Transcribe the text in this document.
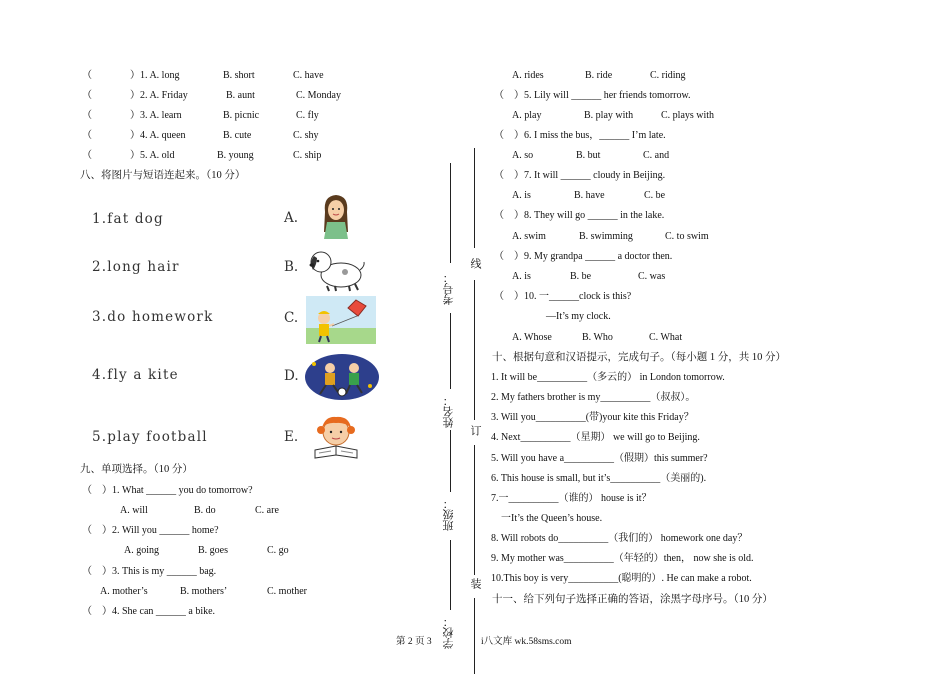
（	）1. A. long	B. short	C. have
（	）2. A. Friday	B. aunt	C. Monday
（	）3. A. learn	B. picnic	C. fly
（	）4. A. queen	B. cute	C. shy
（	）5. A. old	B. young	C. ship
八、将图片与短语连起来。（10 分）
1.fat dog
2.long hair
3.do homework
4.fly a kite
5.play football
A.
B.
C.
D.
E.
九、单项选择。（10 分）
（　）1. What ______ you do tomorrow?
A. will	B. do	C. are
（　）2. Will you ______ home?
A. going	B. goes	C. go
（　）3. This is my ______ bag.
A. mother’s	B. mothers’	C. mother
（　）4. She can ______ a bike.
线
订
装
考号：
姓名：
班级：
学校：
A. rides	B. ride	C. riding
（　）5. Lily will ______ her friends tomorrow.
A. play	B. play with	C. plays with
（　）6. I miss the bus，______ I’m late.
A. so	B. but	C. and
（　）7. It will ______ cloudy in Beijing.
A. is	B. have	C. be
（　）8. They will go ______ in the lake.
A. swim	B. swimming	C. to swim
（　）9. My grandpa ______ a doctor then.
A. is	B. be	C. was
（　）10. 一______clock is this?
—It’s my clock.
A. Whose	B. Who	C. What
十、根据句意和汉语提示，完成句子。（每小题 1 分，共 10 分）
1. It will be__________（多云的） in London tomorrow.
2. My fathers brother is my__________（叔叔）。
3. Will you__________(带)your kite this Friday？
4. Next__________（星期） we will go to Beijing.
5. Will you have a__________（假期）this summer?
6. This house is small, but it’s__________（美丽的).
7.一__________（谁的） house is it？
　一It’s the Queen’s house.
8. Will robots do__________（我们的） homework one day？
9. My mother was__________（年轻的）then， now she is old.
10.This boy is very__________(聪明的）. He can make a robot.
十一、给下列句子选择正确的答语，涂黑字母序号。（10 分）
第 2 页 3	i八文库 wk.58sms.com
